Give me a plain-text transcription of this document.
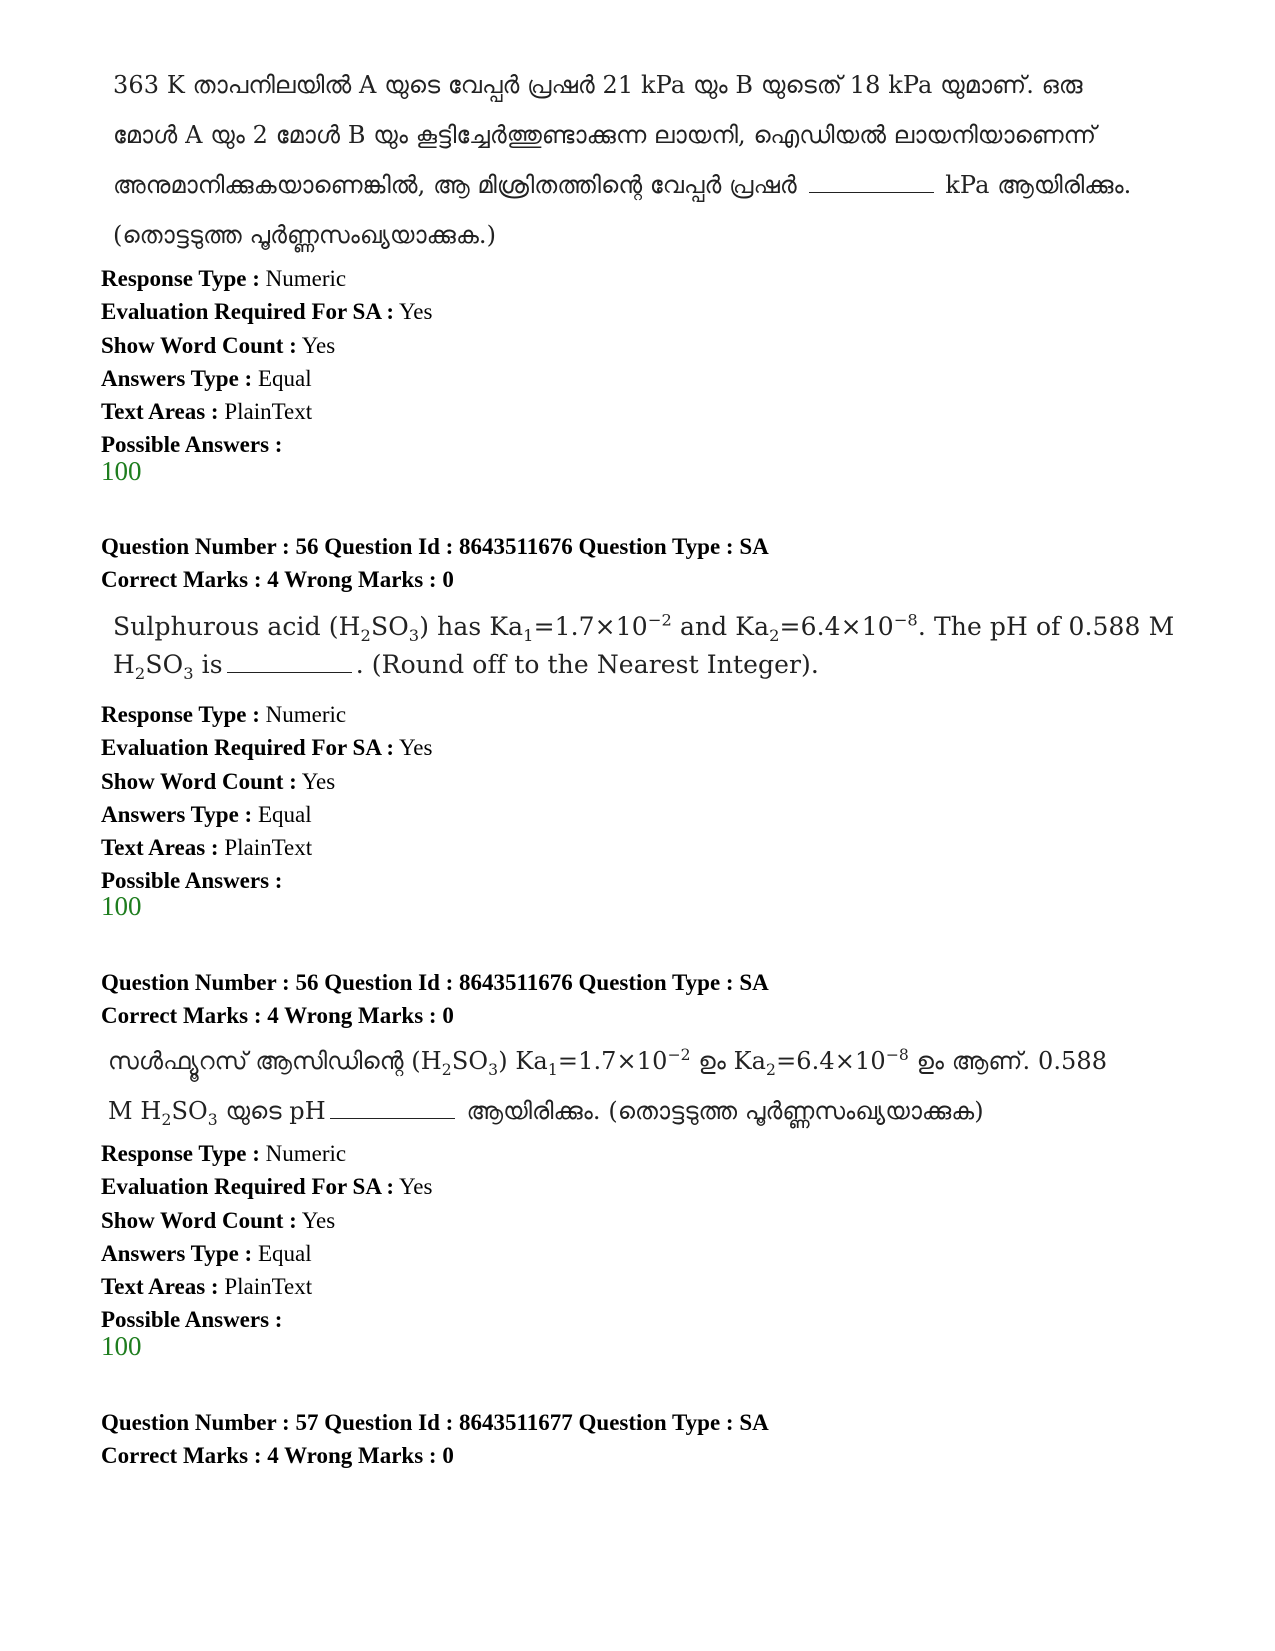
363 K താപനിലയിൽ A യുടെ വേപ്പർ പ്രഷർ 21 kPa യും B യുടെത് 18 kPa യുമാണ്. ഒരു
മോൾ A യും 2 മോൾ B യും കൂട്ടിച്ചേർത്തുണ്ടാക്കുന്ന ലായനി, ഐഡിയൽ ലായനിയാണെന്ന്
അനുമാനിക്കുകയാണെങ്കിൽ, ആ മിശ്രിതത്തിന്റെ വേപ്പർ പ്രഷർ	kPa ആയിരിക്കും.
(തൊട്ടടുത്ത പൂർണ്ണസംഖ്യയാക്കുക.)
Response Type : Numeric
Evaluation Required For SA : Yes
Show Word Count : Yes
Answers Type : Equal
Text Areas : PlainText
Possible Answers :
100
Question Number : 56 Question Id : 8643511676 Question Type : SA
Correct Marks : 4 Wrong Marks : 0
Sulphurous acid $(H_2SO_3)$ has $Ka_1=1.7\times 10^{-2}$ and $Ka_2=6.4\times 10^{-8}$. The pH of 0.588 M
$H_2SO_3$ is	. (Round off to the Nearest Integer).
Response Type : Numeric
Evaluation Required For SA : Yes
Show Word Count : Yes
Answers Type : Equal
Text Areas : PlainText
Possible Answers :
100
Question Number : 56 Question Id : 8643511676 Question Type : SA
Correct Marks : 4 Wrong Marks : 0
സൾഫ്യൂറസ് ആസിഡിന്റെ $(H_2SO_3)$ $Ka_1=1.7\times 10^{-2}$ ഉം $Ka_2=6.4\times 10^{-8}$ ഉം ആണ്. 0.588
M $H_2SO_3$ യുടെ pH	ആയിരിക്കും. (തൊട്ടടുത്ത പൂർണ്ണസംഖ്യയാക്കുക)
Response Type : Numeric
Evaluation Required For SA : Yes
Show Word Count : Yes
Answers Type : Equal
Text Areas : PlainText
Possible Answers :
100
Question Number : 57 Question Id : 8643511677 Question Type : SA
Correct Marks : 4 Wrong Marks : 0
